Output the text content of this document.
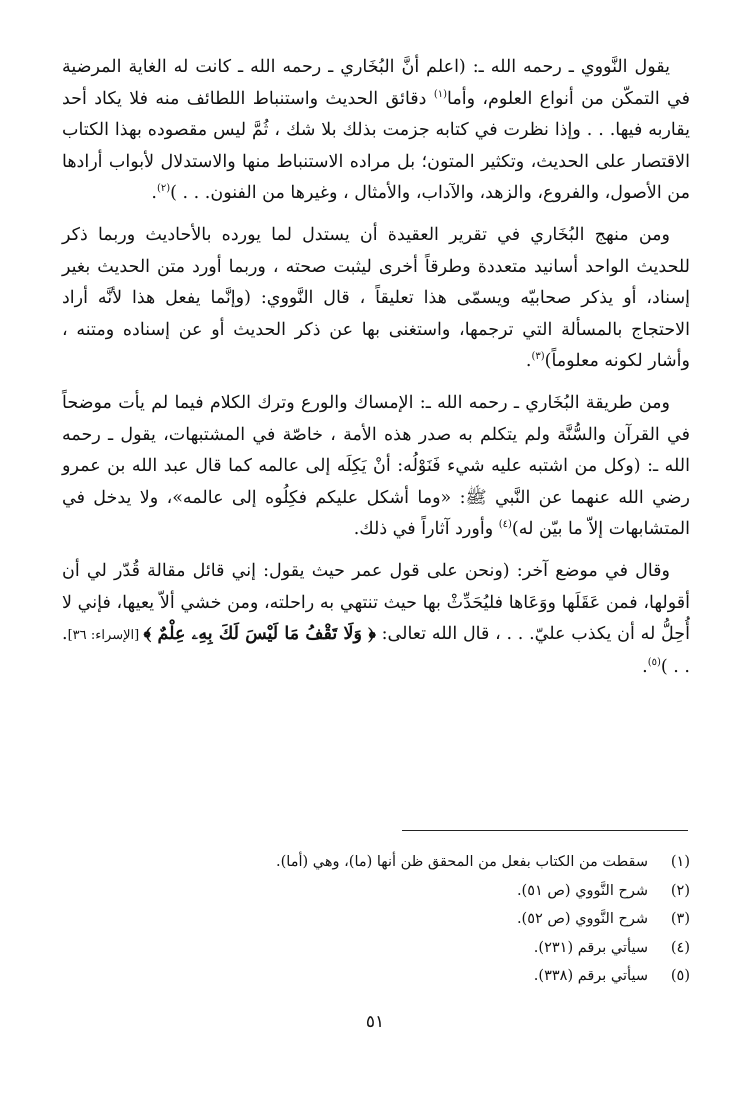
يقول النَّووي ـ رحمه الله ـ: (اعلم أنَّ البُخَاري ـ رحمه الله ـ كانت له الغاية المرضية في التمكّن من أنواع العلوم، وأما$^{(١)}$ دقائق الحديث واستنباط اللطائف منه فلا يكاد أحد يقاربه فيها. . . وإذا نظرت في كتابه جزمت بذلك بلا شك ، ثُمَّ ليس مقصوده بهذا الكتاب الاقتصار على الحديث، وتكثير المتون؛ بل مراده الاستنباط منها والاستدلال لأبواب أرادها من الأصول، والفروع، والزهد، والآداب، والأمثال ، وغيرها من الفنون. . . )$^{(٢)}$.

ومن منهج البُخَاري في تقرير العقيدة أن يستدل لما يورده بالأحاديث وربما ذكر للحديث الواحد أسانيد متعددة وطرقاً أخرى ليثبت صحته ، وربما أورد متن الحديث بغير إسناد، أو يذكر صحابيّه ويسمّى هذا تعليقاً ، قال النَّووي: (وإنَّما يفعل هذا لأنَّه أراد الاحتجاج بالمسألة التي ترجمها، واستغنى بها عن ذكر الحديث أو عن إسناده ومتنه ، وأشار لكونه معلوماً)$^{(٣)}$.

ومن طريقة البُخَاري ـ رحمه الله ـ: الإمساك والورع وترك الكلام فيما لم يأت موضحاً في القرآن والسُّنَّة ولم يتكلم به صدر هذه الأمة ، خاصّة في المشتبهات، يقول ـ رحمه الله ـ: (وكل من اشتبه عليه شيء فَنَوْلُه: أنْ يَكِلَه إلى عالمه كما قال عبد الله بن عمرو رضي الله عنهما عن النَّبي ﷺ: «وما أشكل عليكم فكِلُوه إلى عالمه»، ولا يدخل في المتشابهات إلاّ ما بيّن له)$^{(٤)}$ وأورد آثاراً في ذلك.

وقال في موضع آخر: (ونحن على قول عمر حيث يقول: إني قائل مقالة قُدّر لي أن أقولها، فمن عَقَلَها ووَعَاها فليُحَدِّثْ بها حيث تنتهي به راحلته، ومن خشي ألاّ يعيها، فإني لا أُحِلُّ له أن يكذب عليّ. . . ، قال الله تعالى: ﴿ وَلَا تَقْفُ مَا لَيْسَ لَكَ بِهِۦ عِلْمٌ ﴾ [الإسراء: ٣٦]. . . )$^{(٥)}$.

(١)
سقطت من الكتاب بفعل من المحقق ظن أنها (ما)، وهي (أما).
(٢)
شرح النَّووي (ص ٥١).
(٣)
شرح النَّووي (ص ٥٢).
(٤)
سيأتي برقم (٢٣١).
(٥)
سيأتي برقم (٣٣٨).
٥١
